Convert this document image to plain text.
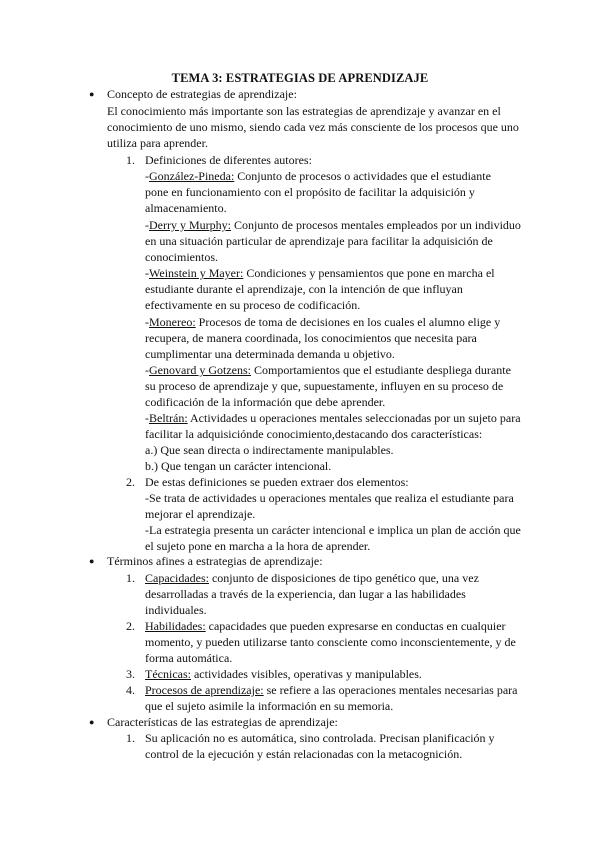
TEMA 3: ESTRATEGIAS DE APRENDIZAJE
● Concepto de estrategias de aprendizaje:
El conocimiento más importante son las estrategias de aprendizaje y avanzar en el
conocimiento de uno mismo, siendo cada vez más consciente de los procesos que uno
utiliza para aprender.
1. Definiciones de diferentes autores:
-González-Pineda: Conjunto de procesos o actividades que el estudiante
pone en funcionamiento con el propósito de facilitar la adquisición y
almacenamiento.
-Derry y Murphy: Conjunto de procesos mentales empleados por un individuo
en una situación particular de aprendizaje para facilitar la adquisición de
conocimientos.
-Weinstein y Mayer: Condiciones y pensamientos que pone en marcha el
estudiante durante el aprendizaje, con la intención de que influyan
efectivamente en su proceso de codificación.
-Monereo: Procesos de toma de decisiones en los cuales el alumno elige y
recupera, de manera coordinada, los conocimientos que necesita para
cumplimentar una determinada demanda u objetivo.
-Genovard y Gotzens: Comportamientos que el estudiante despliega durante
su proceso de aprendizaje y que, supuestamente, influyen en su proceso de
codificación de la información que debe aprender.
-Beltrán: Actividades u operaciones mentales seleccionadas por un sujeto para
facilitar la adquisiciónde conocimiento,destacando dos características:
a.) Que sean directa o indirectamente manipulables.
b.) Que tengan un carácter intencional.
2. De estas definiciones se pueden extraer dos elementos:
-Se trata de actividades u operaciones mentales que realiza el estudiante para
mejorar el aprendizaje.
-La estrategia presenta un carácter intencional e implica un plan de acción que
el sujeto pone en marcha a la hora de aprender.
● Términos afines a estrategias de aprendizaje:
1. Capacidades: conjunto de disposiciones de tipo genético que, una vez
desarrolladas a través de la experiencia, dan lugar a las habilidades
individuales.
2. Habilidades: capacidades que pueden expresarse en conductas en cualquier
momento, y pueden utilizarse tanto consciente como inconscientemente, y de
forma automática.
3. Técnicas: actividades visibles, operativas y manipulables.
4. Procesos de aprendizaje: se refiere a las operaciones mentales necesarias para
que el sujeto asimile la información en su memoria.
● Características de las estrategias de aprendizaje:
1. Su aplicación no es automática, sino controlada. Precisan planificación y
control de la ejecución y están relacionadas con la metacognición.
